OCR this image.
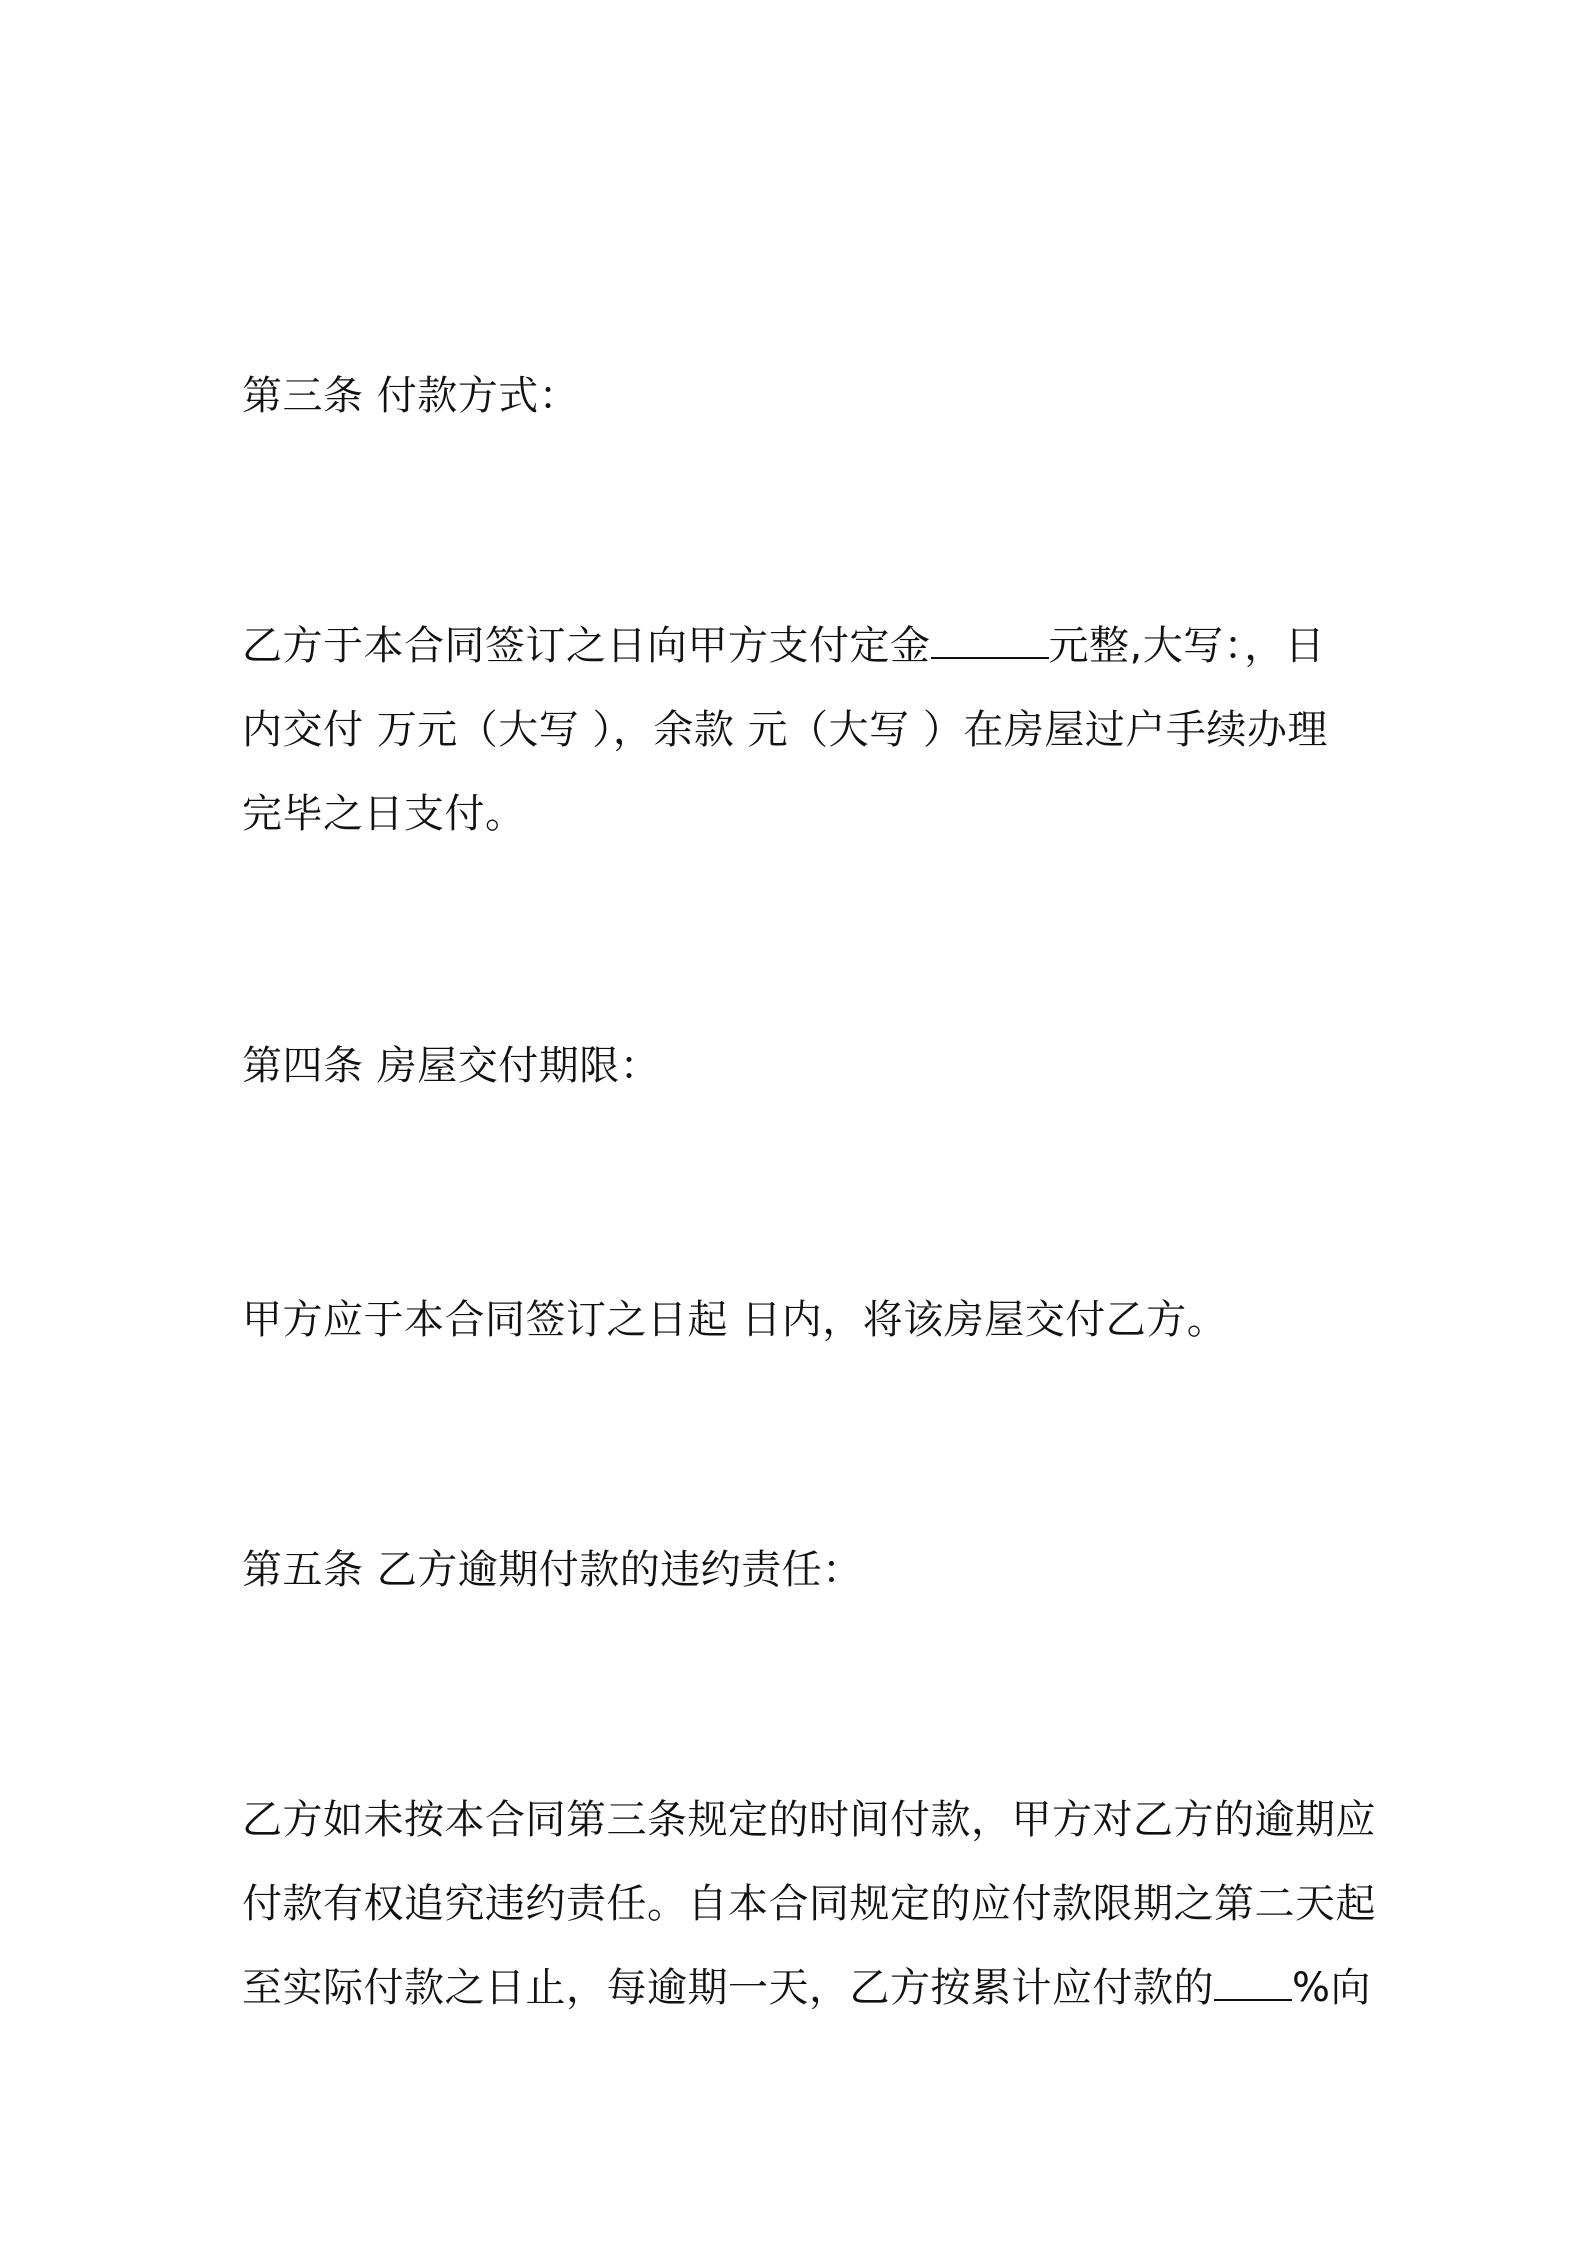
第三条 付款方式：
乙方于本合同签订之日向甲方支付定金	元整,大写：，日
内交付 万元（大写 ），余款 元（大写 ）在房屋过户手续办理
完毕之日支付。
第四条 房屋交付期限：
甲方应于本合同签订之日起 日内，将该房屋交付乙方。
第五条 乙方逾期付款的违约责任：
乙方如未按本合同第三条规定的时间付款，甲方对乙方的逾期应
付款有权追究违约责任。自本合同规定的应付款限期之第二天起
至实际付款之日止，每逾期一天，乙方按累计应付款的 %向
